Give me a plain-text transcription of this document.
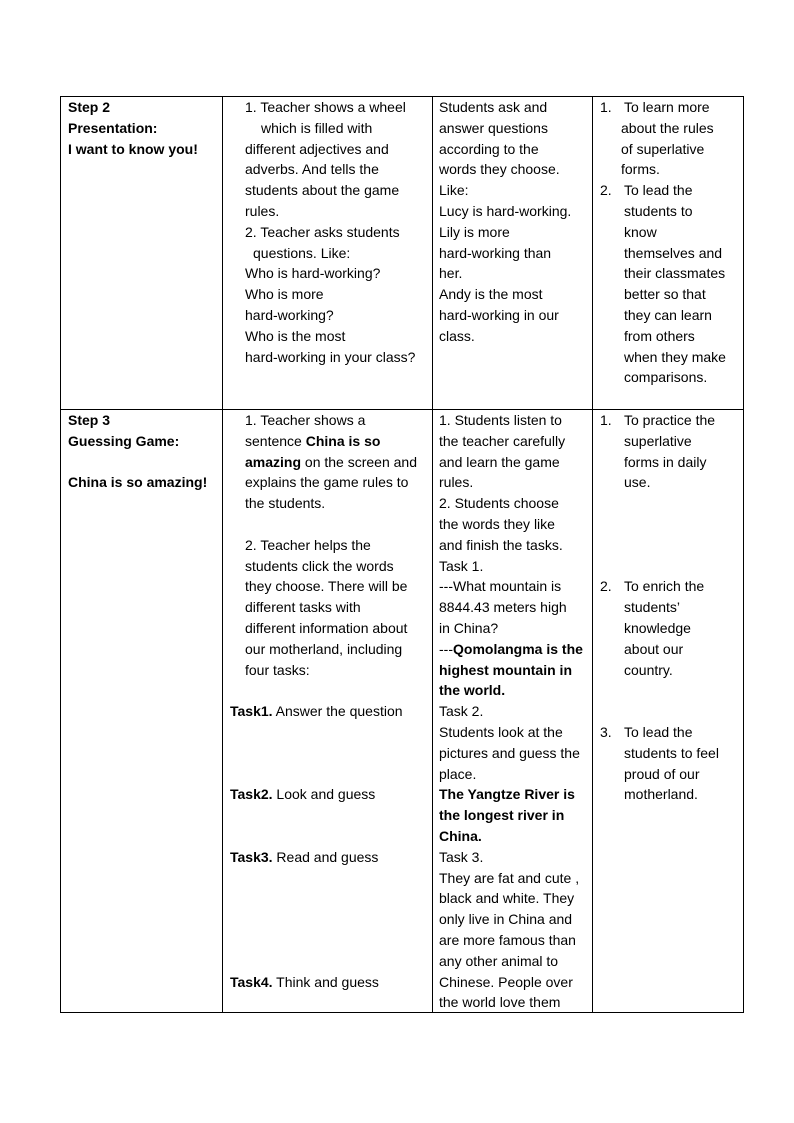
Step 2
Presentation:
I want to know you!
1. Teacher shows a wheel
which is filled with
different adjectives and
adverbs. And tells the
students about the game
rules.
2. Teacher asks students
questions. Like:
Who is hard-working?
Who is more
hard-working?
Who is the most
hard-working in your class?
Students ask and
answer questions
according to the
words they choose.
Like:
Lucy is hard-working.
Lily is more
hard-working than
her.
Andy is the most
hard-working in our
class.
1. To learn more
about the rules
of superlative
forms.
2. To lead the
students to
know
themselves and
their classmates
better so that
they can learn
from others
when they make
comparisons.
Step 3
Guessing Game:
China is so amazing!
1. Teacher shows a
sentence China is so
amazing on the screen and
explains the game rules to
the students.
2. Teacher helps the
students click the words
they choose. There will be
different tasks with
different information about
our motherland, including
four tasks:
Task1. Answer the question
Task2. Look and guess
Task3. Read and guess
Task4. Think and guess
1. Students listen to
the teacher carefully
and learn the game
rules.
2. Students choose
the words they like
and finish the tasks.
Task 1.
---What mountain is
8844.43 meters high
in China?
---Qomolangma is the
highest mountain in
the world.
Task 2.
Students look at the
pictures and guess the
place.
The Yangtze River is
the longest river in
China.
Task 3.
They are fat and cute ,
black and white. They
only live in China and
are more famous than
any other animal to
Chinese. People over
the world love them
1. To practice the
superlative
forms in daily
use.
2. To enrich the
students’
knowledge
about our
country.
3. To lead the
students to feel
proud of our
motherland.
